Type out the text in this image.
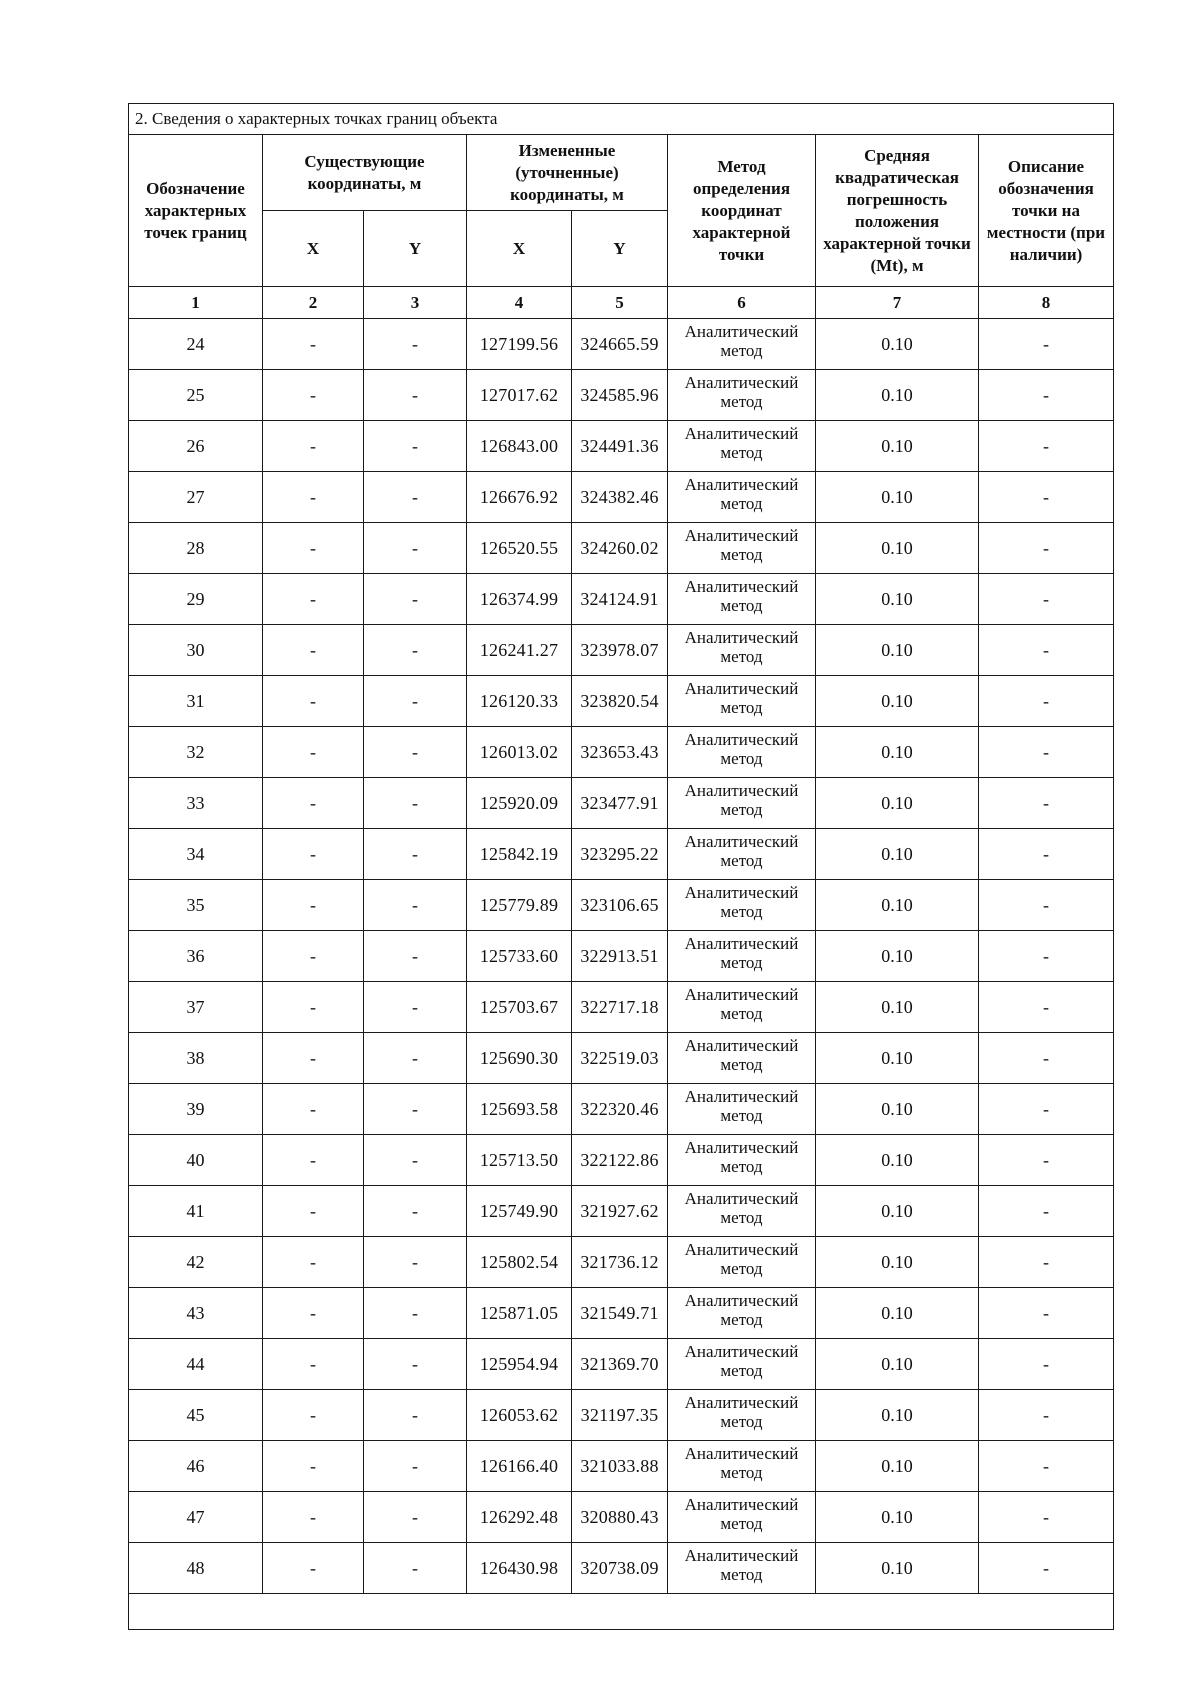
2. Сведения о характерных точках границ объекта							
Обозначение характерных точек границ	Существующие координаты, м		Измененные (уточненные) координаты, м		Метод определения координат характерной точки	Средняя квадратическая погрешность положения характерной точки (Mt), м	Описание обозначения точки на местности (при наличии)
	X	Y	X	Y			
1	2	3	4	5	6	7	8
24	-	-	127199.56	324665.59	Аналитический метод	0.10	-
25	-	-	127017.62	324585.96	Аналитический метод	0.10	-
26	-	-	126843.00	324491.36	Аналитический метод	0.10	-
27	-	-	126676.92	324382.46	Аналитический метод	0.10	-
28	-	-	126520.55	324260.02	Аналитический метод	0.10	-
29	-	-	126374.99	324124.91	Аналитический метод	0.10	-
30	-	-	126241.27	323978.07	Аналитический метод	0.10	-
31	-	-	126120.33	323820.54	Аналитический метод	0.10	-
32	-	-	126013.02	323653.43	Аналитический метод	0.10	-
33	-	-	125920.09	323477.91	Аналитический метод	0.10	-
34	-	-	125842.19	323295.22	Аналитический метод	0.10	-
35	-	-	125779.89	323106.65	Аналитический метод	0.10	-
36	-	-	125733.60	322913.51	Аналитический метод	0.10	-
37	-	-	125703.67	322717.18	Аналитический метод	0.10	-
38	-	-	125690.30	322519.03	Аналитический метод	0.10	-
39	-	-	125693.58	322320.46	Аналитический метод	0.10	-
40	-	-	125713.50	322122.86	Аналитический метод	0.10	-
41	-	-	125749.90	321927.62	Аналитический метод	0.10	-
42	-	-	125802.54	321736.12	Аналитический метод	0.10	-
43	-	-	125871.05	321549.71	Аналитический метод	0.10	-
44	-	-	125954.94	321369.70	Аналитический метод	0.10	-
45	-	-	126053.62	321197.35	Аналитический метод	0.10	-
46	-	-	126166.40	321033.88	Аналитический метод	0.10	-
47	-	-	126292.48	320880.43	Аналитический метод	0.10	-
48	-	-	126430.98	320738.09	Аналитический метод	0.10	-
